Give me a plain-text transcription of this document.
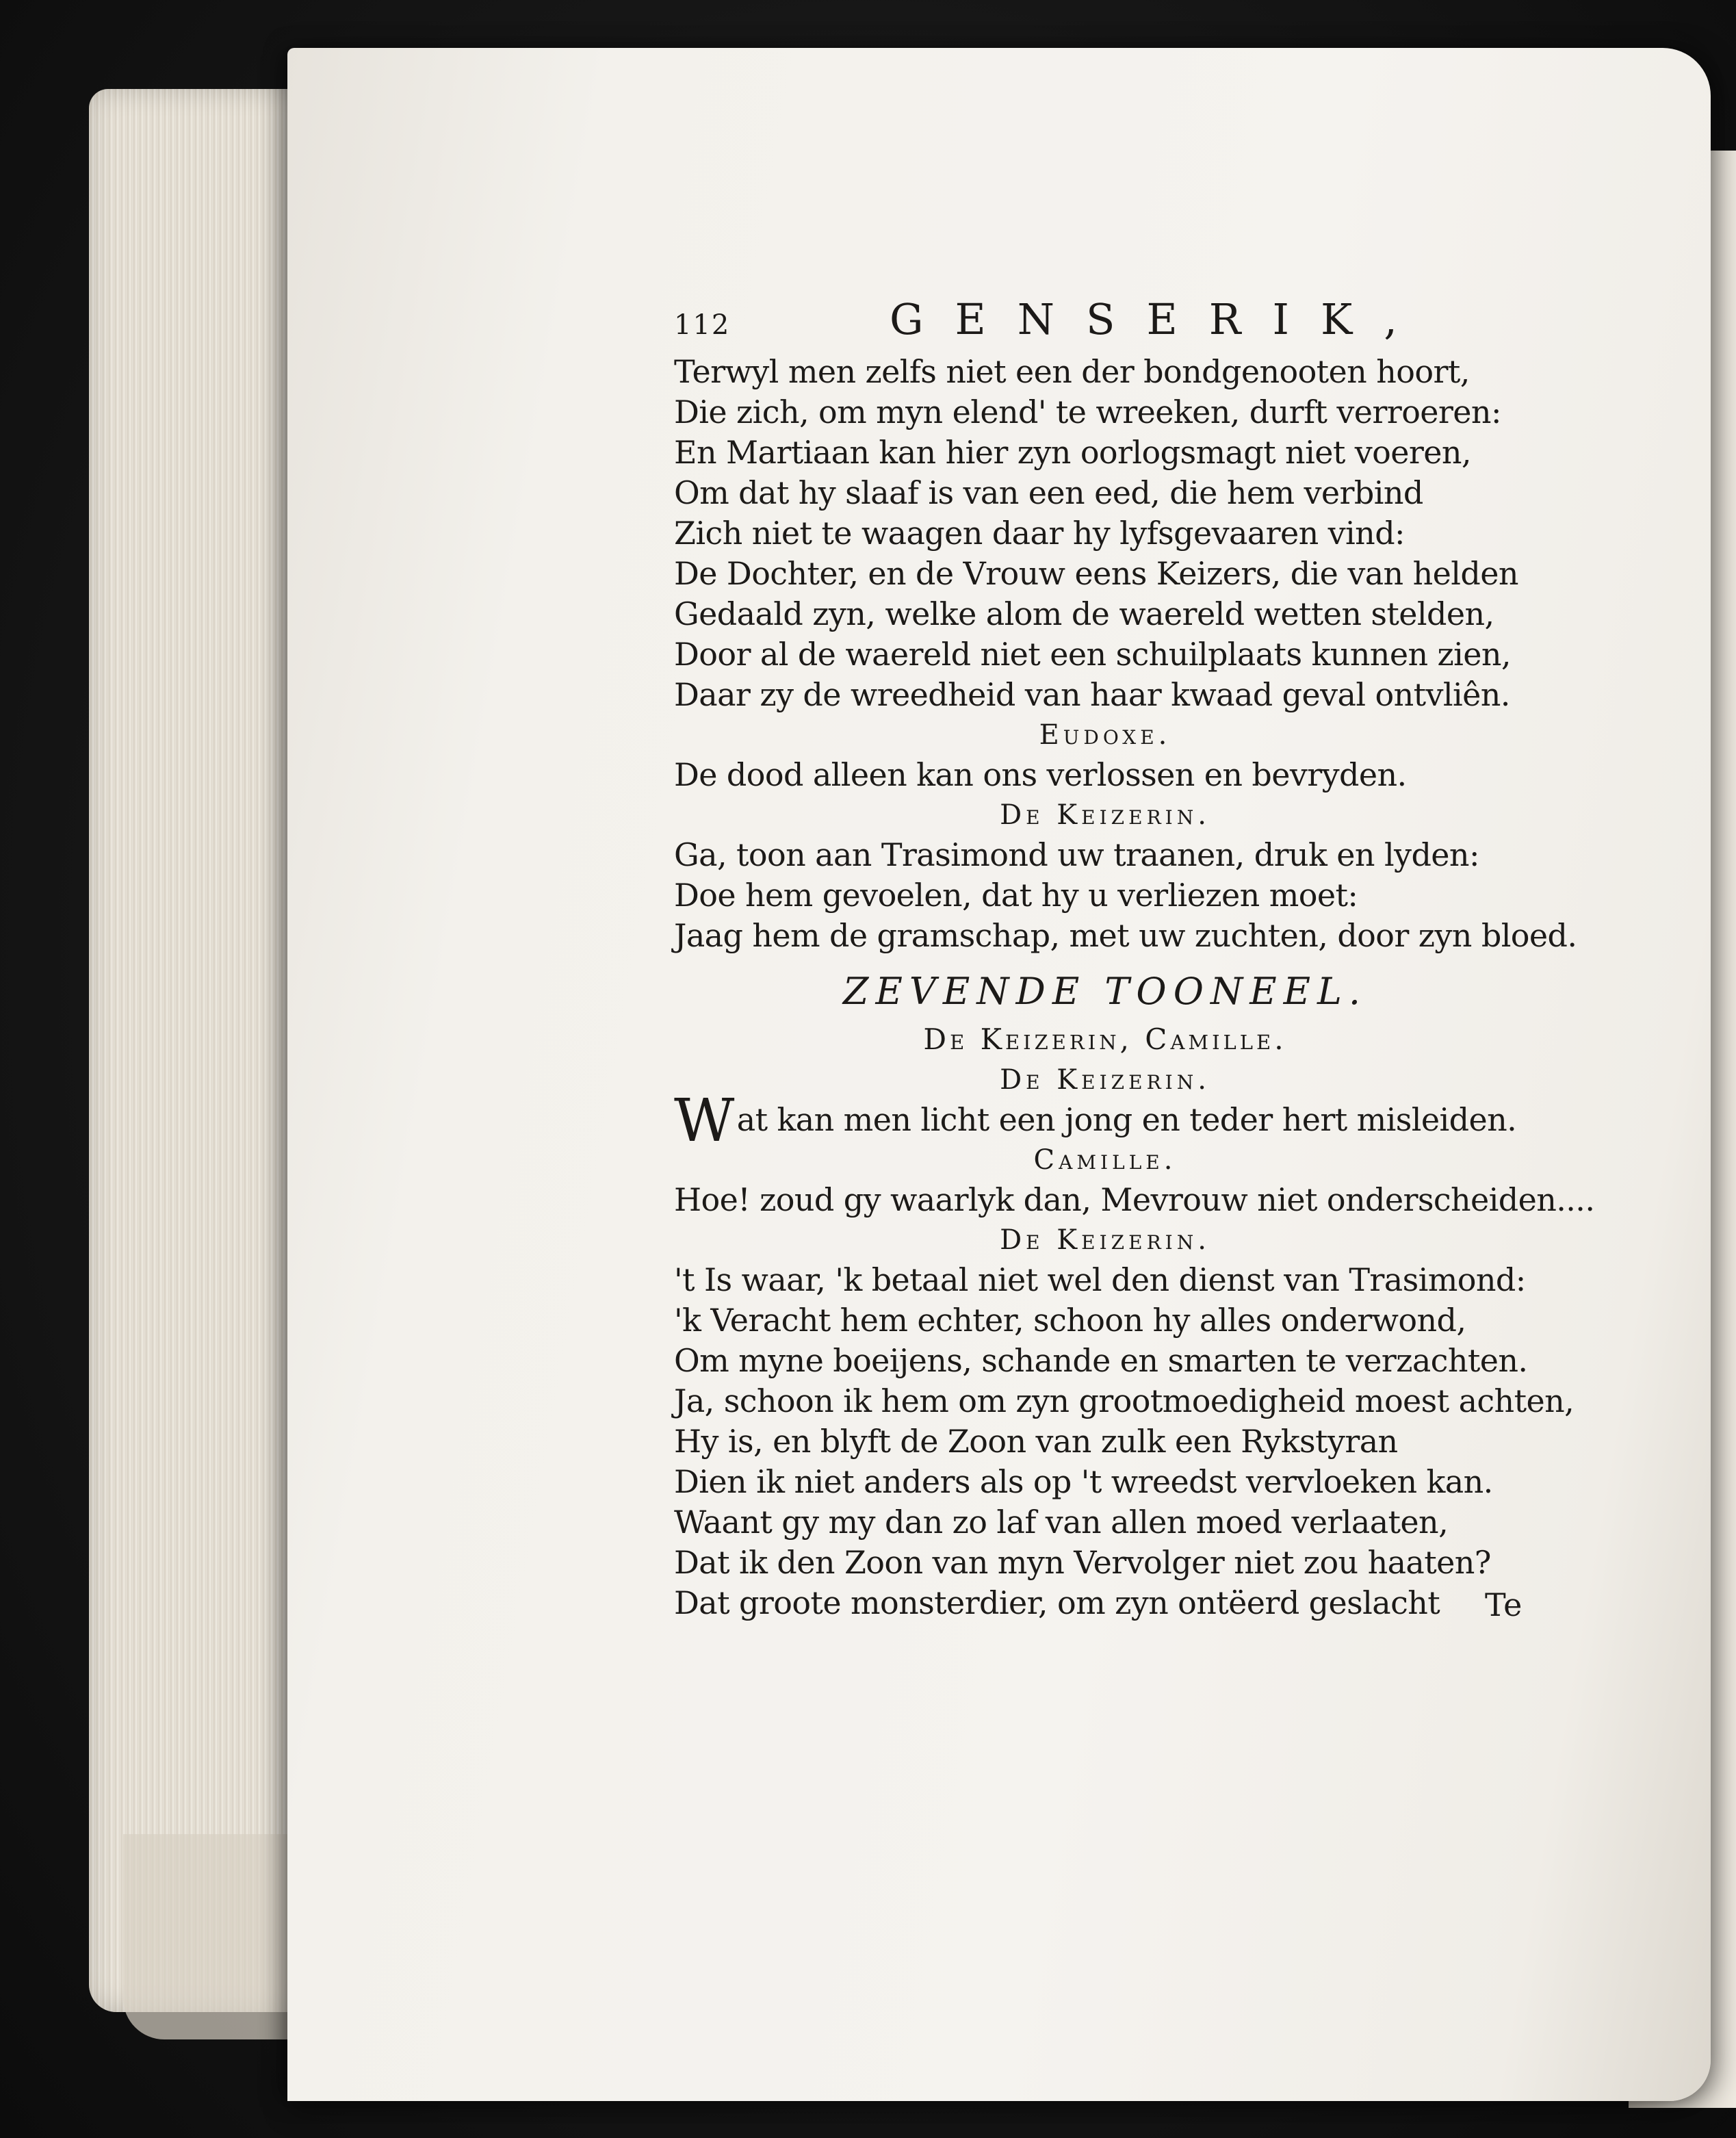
112	GENSERIK,
Terwyl men zelfs niet een der bondgenooten hoort,
Die zich, om myn elend' te wreeken, durft verroeren:
En Martiaan kan hier zyn oorlogsmagt niet voeren,
Om dat hy slaaf is van een eed, die hem verbind
Zich niet te waagen daar hy lyfsgevaaren vind:
De Dochter, en de Vrouw eens Keizers, die van helden
Gedaald zyn, welke alom de waereld wetten stelden,
Door al de waereld niet een schuilplaats kunnen zien,
Daar zy de wreedheid van haar kwaad geval ontvliên.
Eudoxe.
De dood alleen kan ons verlossen en bevryden.
De Keizerin.
Ga, toon aan Trasimond uw traanen, druk en lyden:
Doe hem gevoelen, dat hy u verliezen moet:
Jaag hem de gramschap, met uw zuchten, door zyn bloed.
ZEVENDE TOONEEL.
De Keizerin, Camille.
De Keizerin.
Wat kan men licht een jong en teder hert misleiden.
Camille.
Hoe! zoud gy waarlyk dan, Mevrouw niet onderscheiden....
De Keizerin.
't Is waar, 'k betaal niet wel den dienst van Trasimond:
'k Veracht hem echter, schoon hy alles onderwond,
Om myne boeijens, schande en smarten te verzachten.
Ja, schoon ik hem om zyn grootmoedigheid moest achten,
Hy is, en blyft de Zoon van zulk een Rykstyran
Dien ik niet anders als op 't wreedst vervloeken kan.
Waant gy my dan zo laf van allen moed verlaaten,
Dat ik den Zoon van myn Vervolger niet zou haaten?
Dat groote monsterdier, om zyn ontëerd geslacht	Te
